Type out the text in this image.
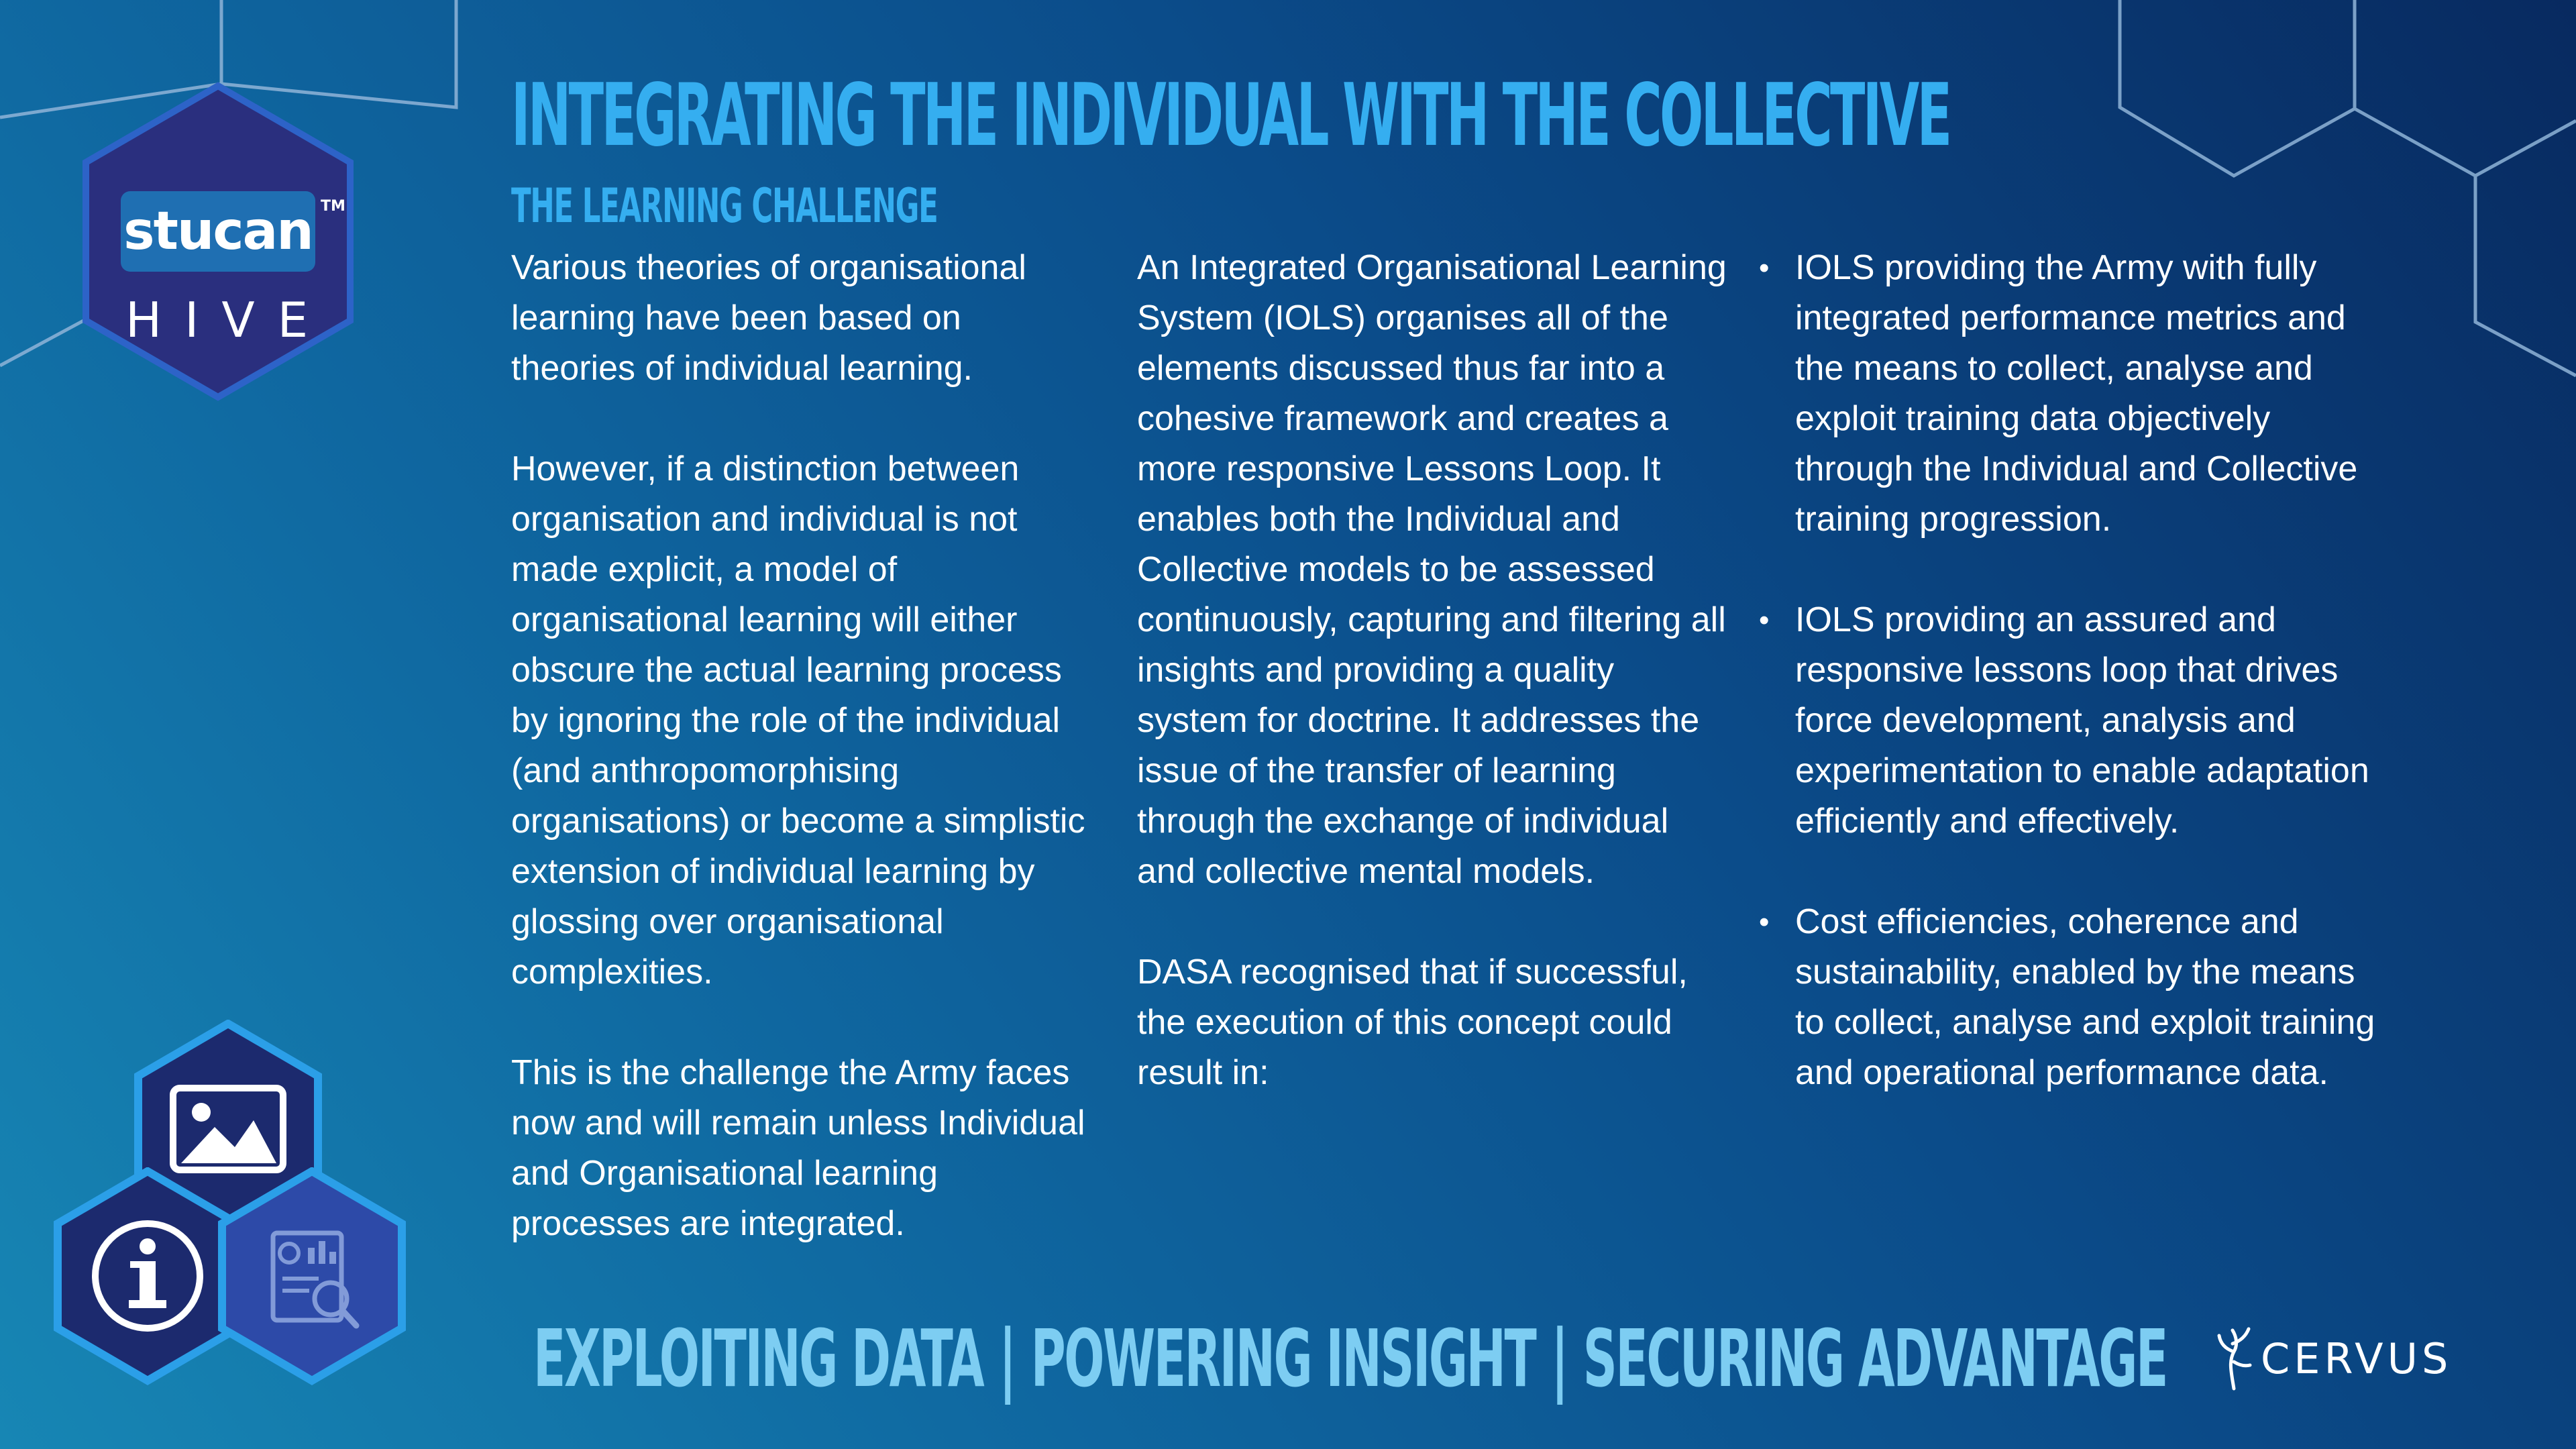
stucan TM
HIVE
INTEGRATING THE INDIVIDUAL WITH THE COLLECTIVE
THE LEARNING CHALLENGE

Various theories of organisational learning have been based on theories of individual learning.

However, if a distinction between organisation and individual is not made explicit, a model of organisational learning will either obscure the actual learning process by ignoring the role of the individual (and anthropomorphising organisations) or become a simplistic extension of individual learning by glossing over organisational complexities.

This is the challenge the Army faces now and will remain unless Individual and Organisational learning processes are integrated.

An Integrated Organisational Learning System (IOLS) organises all of the elements discussed thus far into a cohesive framework and creates a more responsive Lessons Loop. It enables both the Individual and Collective models to be assessed continuously, capturing and filtering all insights and providing a quality system for doctrine. It addresses the issue of the transfer of learning through the exchange of individual and collective mental models.

DASA recognised that if successful, the execution of this concept could result in:

• IOLS providing the Army with fully integrated performance metrics and the means to collect, analyse and exploit training data objectively through the Individual and Collective training progression.
• IOLS providing an assured and responsive lessons loop that drives force development, analysis and experimentation to enable adaptation efficiently and effectively.
• Cost efficiencies, coherence and sustainability, enabled by the means to collect, analyse and exploit training and operational performance data.
EXPLOITING DATA | POWERING INSIGHT | SECURING ADVANTAGE CERVUS
